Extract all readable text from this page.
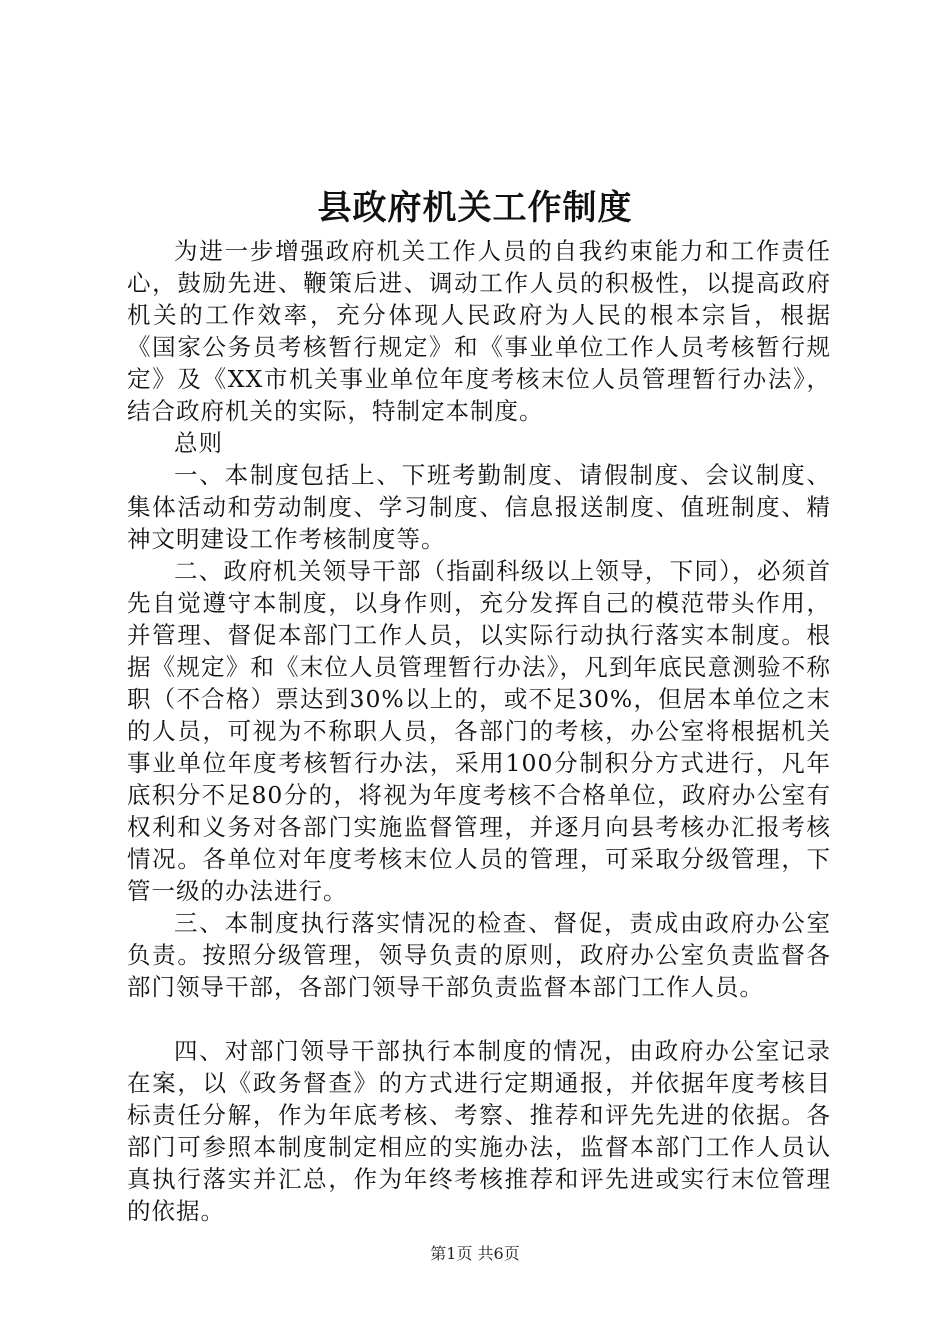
县政府机关工作制度

为进一步增强政府机关工作人员的自我约束能力和工作责任心，鼓励先进、鞭策后进、调动工作人员的积极性，以提高政府机关的工作效率，充分体现人民政府为人民的根本宗旨，根据《国家公务员考核暂行规定》和《事业单位工作人员考核暂行规定》及《XX市机关事业单位年度考核末位人员管理暂行办法》，结合政府机关的实际，特制定本制度。

总则

一、本制度包括上、下班考勤制度、请假制度、会议制度、集体活动和劳动制度、学习制度、信息报送制度、值班制度、精神文明建设工作考核制度等。

二、政府机关领导干部（指副科级以上领导，下同），必须首先自觉遵守本制度，以身作则，充分发挥自己的模范带头作用，并管理、督促本部门工作人员，以实际行动执行落实本制度。根据《规定》和《末位人员管理暂行办法》，凡到年底民意测验不称职（不合格）票达到30%以上的，或不足30%，但居本单位之末的人员，可视为不称职人员，各部门的考核，办公室将根据机关事业单位年度考核暂行办法，采用100分制积分方式进行，凡年底积分不足80分的，将视为年度考核不合格单位，政府办公室有权利和义务对各部门实施监督管理，并逐月向县考核办汇报考核情况。各单位对年度考核末位人员的管理，可采取分级管理，下管一级的办法进行。

三、本制度执行落实情况的检查、督促，责成由政府办公室负责。按照分级管理，领导负责的原则，政府办公室负责监督各部门领导干部，各部门领导干部负责监督本部门工作人员。

四、对部门领导干部执行本制度的情况，由政府办公室记录在案，以《政务督查》的方式进行定期通报，并依据年度考核目标责任分解，作为年底考核、考察、推荐和评先先进的依据。各部门可参照本制度制定相应的实施办法，监督本部门工作人员认真执行落实并汇总，作为年终考核推荐和评先进或实行末位管理的依据。

第1页 共6页
